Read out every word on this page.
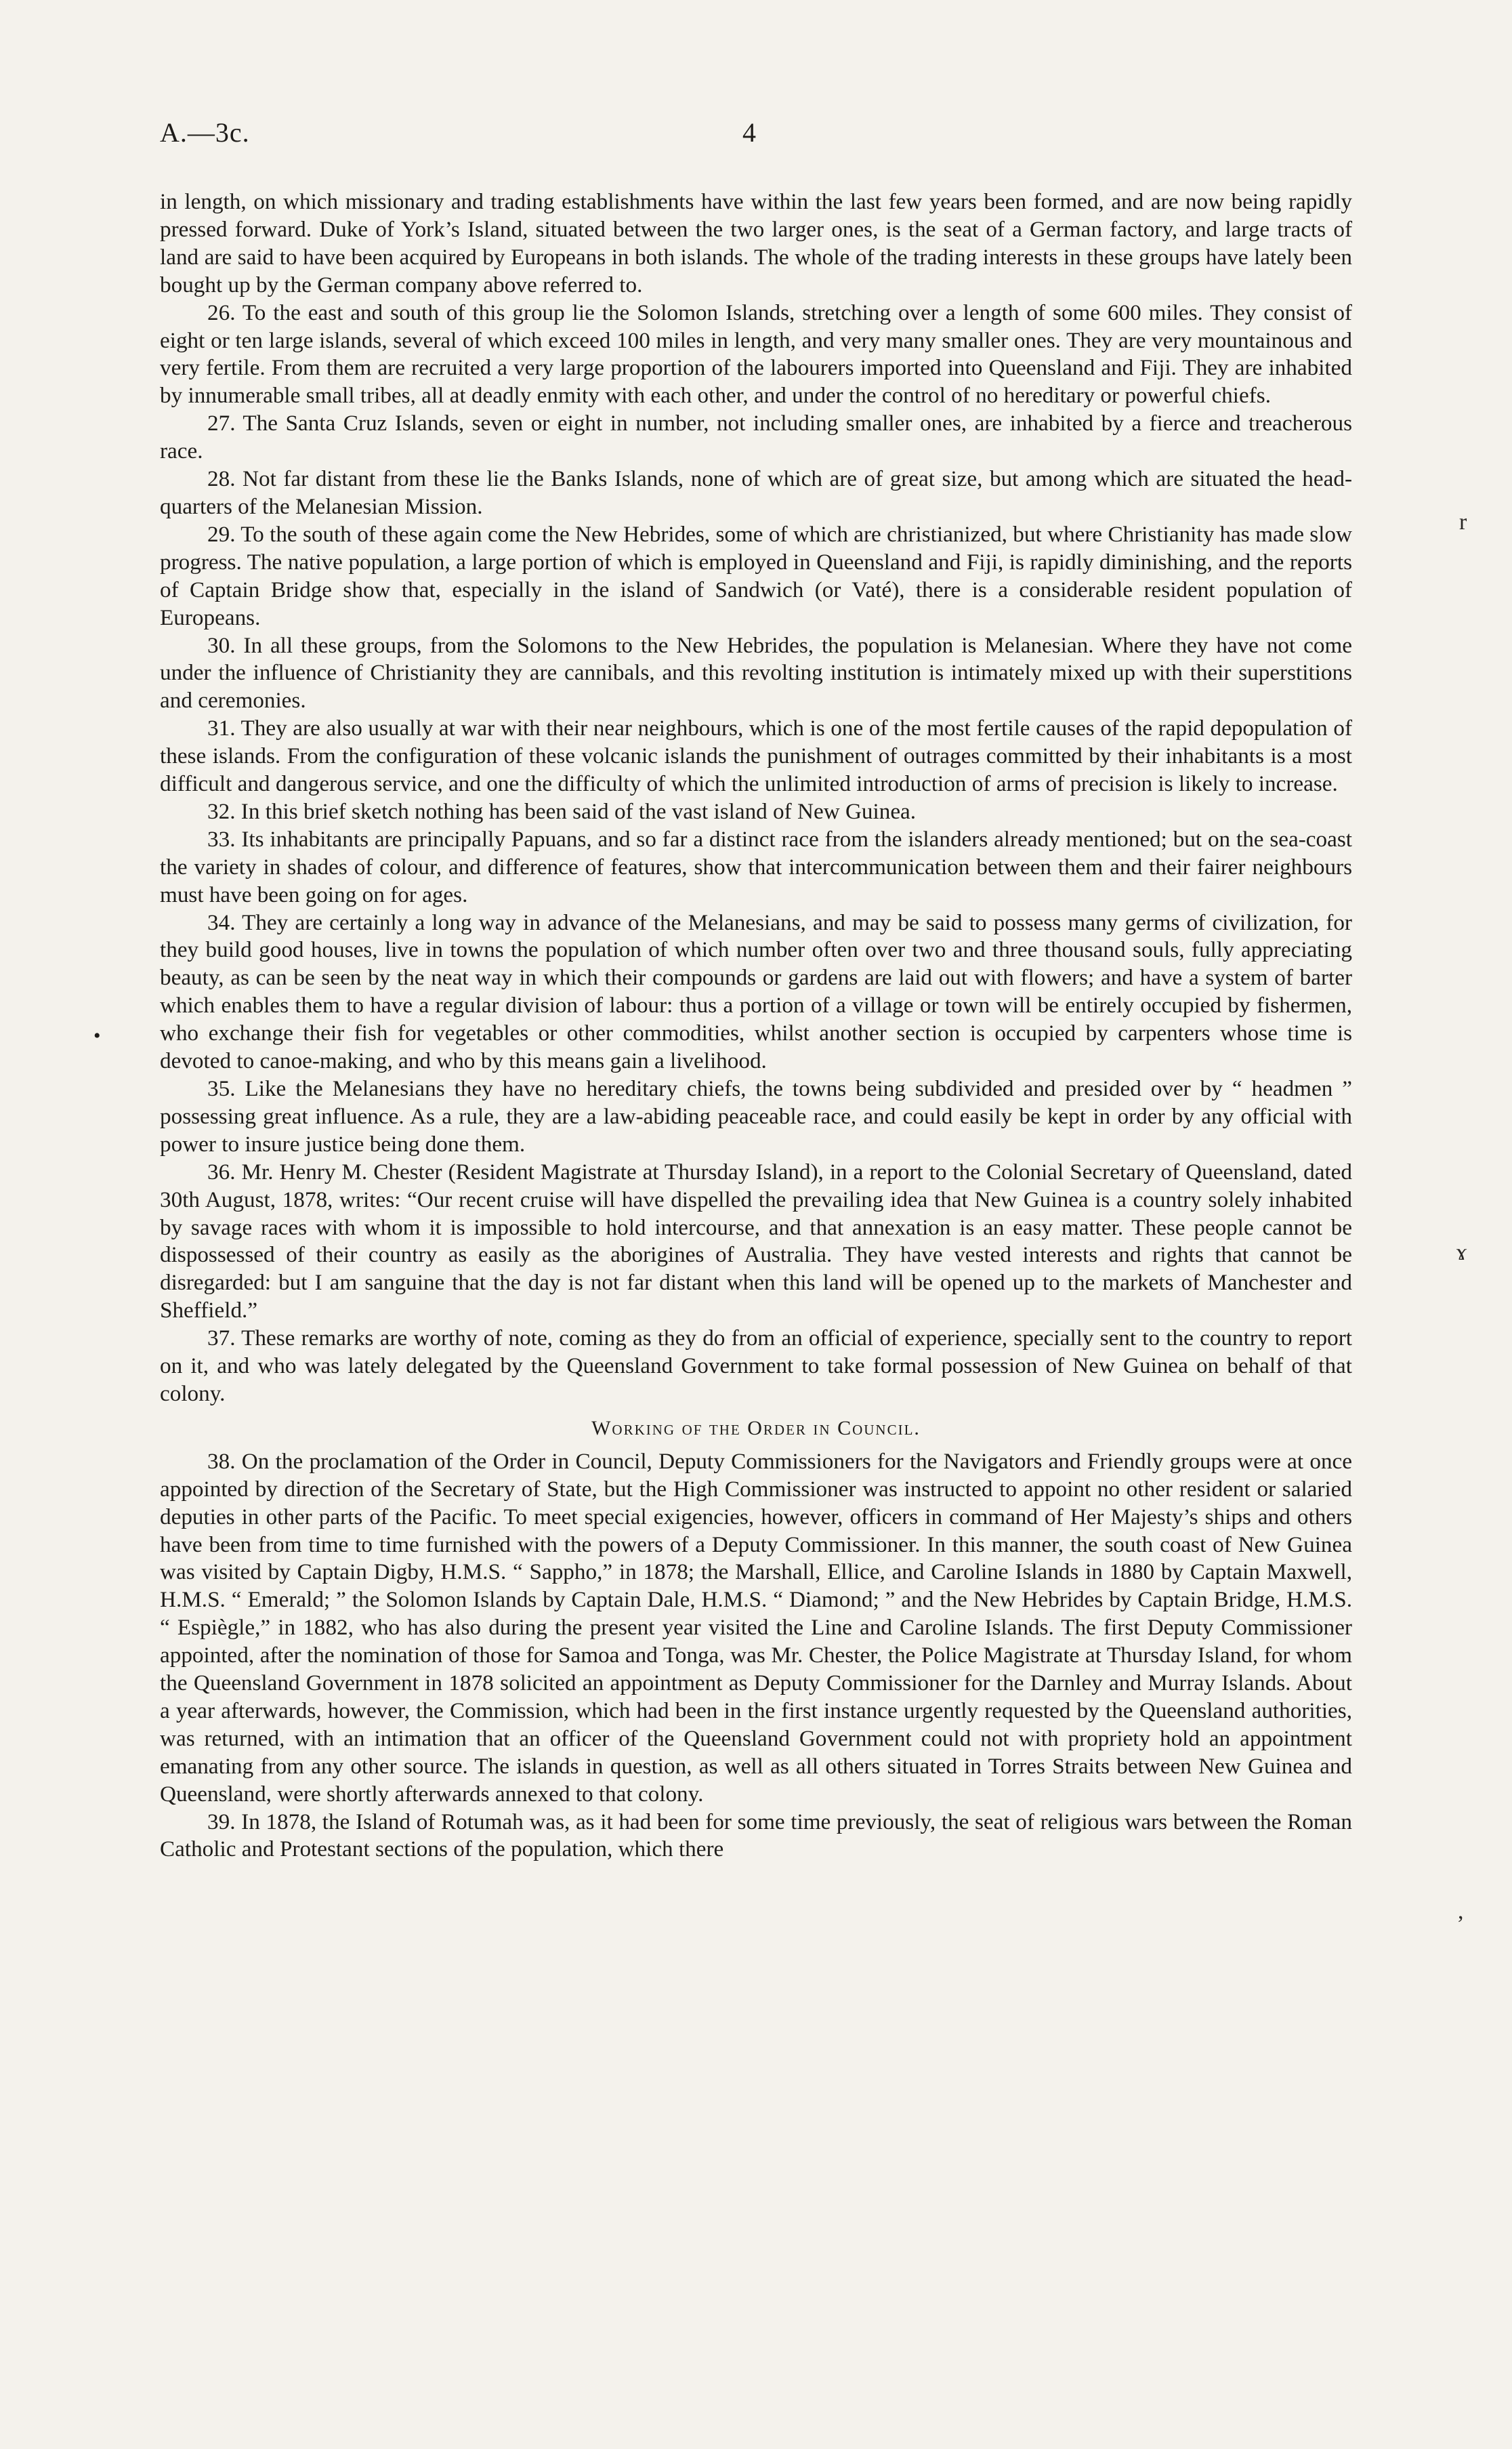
A.—3c.	4

in length, on which missionary and trading establishments have within the last few years been formed, and are now being rapidly pressed forward. Duke of York’s Island, situated between the two larger ones, is the seat of a German factory, and large tracts of land are said to have been acquired by Europeans in both islands. The whole of the trading interests in these groups have lately been bought up by the German company above referred to.

26. To the east and south of this group lie the Solomon Islands, stretching over a length of some 600 miles. They consist of eight or ten large islands, several of which exceed 100 miles in length, and very many smaller ones. They are very mountainous and very fertile. From them are recruited a very large proportion of the labourers imported into Queensland and Fiji. They are inhabited by innumerable small tribes, all at deadly enmity with each other, and under the control of no hereditary or powerful chiefs.

27. The Santa Cruz Islands, seven or eight in number, not including smaller ones, are inhabited by a fierce and treacherous race.

28. Not far distant from these lie the Banks Islands, none of which are of great size, but among which are situated the head-quarters of the Melanesian Mission.

29. To the south of these again come the New Hebrides, some of which are christianized, but where Christianity has made slow progress. The native population, a large portion of which is employed in Queensland and Fiji, is rapidly diminishing, and the reports of Captain Bridge show that, especially in the island of Sandwich (or Vaté), there is a considerable resident population of Europeans.

30. In all these groups, from the Solomons to the New Hebrides, the population is Melanesian. Where they have not come under the influence of Christianity they are cannibals, and this revolting institution is intimately mixed up with their superstitions and ceremonies.

31. They are also usually at war with their near neighbours, which is one of the most fertile causes of the rapid depopulation of these islands. From the configuration of these volcanic islands the punishment of outrages committed by their inhabitants is a most difficult and dangerous service, and one the difficulty of which the unlimited introduction of arms of precision is likely to increase.

32. In this brief sketch nothing has been said of the vast island of New Guinea.

33. Its inhabitants are principally Papuans, and so far a distinct race from the islanders already mentioned; but on the sea-coast the variety in shades of colour, and difference of features, show that intercommunication between them and their fairer neighbours must have been going on for ages.

34. They are certainly a long way in advance of the Melanesians, and may be said to possess many germs of civilization, for they build good houses, live in towns the population of which number often over two and three thousand souls, fully appreciating beauty, as can be seen by the neat way in which their compounds or gardens are laid out with flowers; and have a system of barter which enables them to have a regular division of labour: thus a portion of a village or town will be entirely occupied by fishermen, who exchange their fish for vegetables or other commodities, whilst another section is occupied by carpenters whose time is devoted to canoe-making, and who by this means gain a livelihood.

35. Like the Melanesians they have no hereditary chiefs, the towns being subdivided and presided over by “ headmen ” possessing great influence. As a rule, they are a law-abiding peaceable race, and could easily be kept in order by any official with power to insure justice being done them.

36. Mr. Henry M. Chester (Resident Magistrate at Thursday Island), in a report to the Colonial Secretary of Queensland, dated 30th August, 1878, writes: “Our recent cruise will have dispelled the prevailing idea that New Guinea is a country solely inhabited by savage races with whom it is impossible to hold intercourse, and that annexation is an easy matter. These people cannot be dispossessed of their country as easily as the aborigines of Australia. They have vested interests and rights that cannot be disregarded: but I am sanguine that the day is not far distant when this land will be opened up to the markets of Manchester and Sheffield.”

37. These remarks are worthy of note, coming as they do from an official of experience, specially sent to the country to report on it, and who was lately delegated by the Queensland Government to take formal possession of New Guinea on behalf of that colony.

Working of the Order in Council.

38. On the proclamation of the Order in Council, Deputy Commissioners for the Navigators and Friendly groups were at once appointed by direction of the Secretary of State, but the High Commissioner was instructed to appoint no other resident or salaried deputies in other parts of the Pacific. To meet special exigencies, however, officers in command of Her Majesty’s ships and others have been from time to time furnished with the powers of a Deputy Commissioner. In this manner, the south coast of New Guinea was visited by Captain Digby, H.M.S. “ Sappho,” in 1878; the Marshall, Ellice, and Caroline Islands in 1880 by Captain Maxwell, H.M.S. “ Emerald; ” the Solomon Islands by Captain Dale, H.M.S. “ Diamond; ” and the New Hebrides by Captain Bridge, H.M.S. “ Espiègle,” in 1882, who has also during the present year visited the Line and Caroline Islands. The first Deputy Commissioner appointed, after the nomination of those for Samoa and Tonga, was Mr. Chester, the Police Magistrate at Thursday Island, for whom the Queensland Government in 1878 solicited an appointment as Deputy Commissioner for the Darnley and Murray Islands. About a year afterwards, however, the Commission, which had been in the first instance urgently requested by the Queensland authorities, was returned, with an intimation that an officer of the Queensland Government could not with propriety hold an appointment emanating from any other source. The islands in question, as well as all others situated in Torres Straits between New Guinea and Queensland, were shortly afterwards annexed to that colony.

39. In 1878, the Island of Rotumah was, as it had been for some time previously, the seat of religious wars between the Roman Catholic and Protestant sections of the population, which there

r
ɤ
,
•
